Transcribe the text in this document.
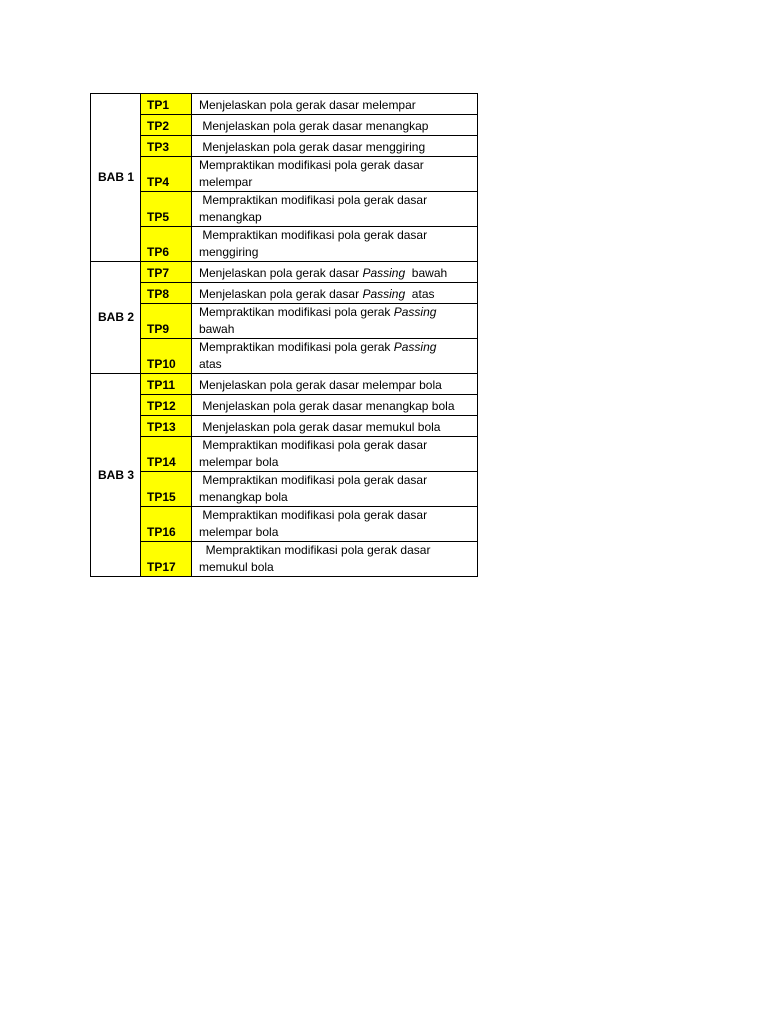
BAB 1	TP1	Menjelaskan pola gerak dasar melempar
	TP2	Menjelaskan pola gerak dasar menangkap
	TP3	Menjelaskan pola gerak dasar menggiring
	TP4	Mempraktikan modifikasi pola gerak dasar
melempar

	TP5	Mempraktikan modifikasi pola gerak dasar
menangkap

	TP6	Mempraktikan modifikasi pola gerak dasar
menggiring

BAB 2	TP7	Menjelaskan pola gerak dasar Passing  bawah
	TP8	Menjelaskan pola gerak dasar Passing  atas
	TP9	Mempraktikan modifikasi pola gerak Passing
bawah

	TP10	Mempraktikan modifikasi pola gerak Passing
atas

BAB 3	TP11	Menjelaskan pola gerak dasar melempar bola
	TP12	Menjelaskan pola gerak dasar menangkap bola
	TP13	Menjelaskan pola gerak dasar memukul bola
	TP14	Mempraktikan modifikasi pola gerak dasar
melempar bola

	TP15	Mempraktikan modifikasi pola gerak dasar
menangkap bola

	TP16	Mempraktikan modifikasi pola gerak dasar
melempar bola

	TP17	Mempraktikan modifikasi pola gerak dasar
memukul bola
